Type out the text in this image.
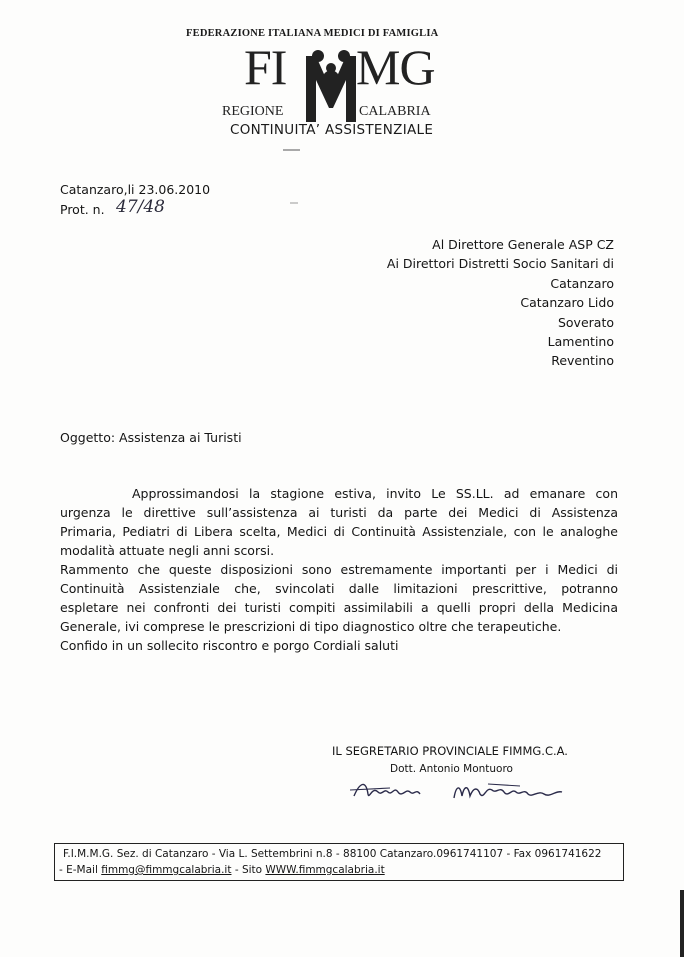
FEDERAZIONE ITALIANA MEDICI DI FAMIGLIA
FI MG
REGIONE	CALABRIA
CONTINUITA’ ASSISTENZIALE
Catanzaro,li 23.06.2010
Prot. n. 47/48
Al Direttore Generale ASP CZ
Ai Direttori Distretti Socio Sanitari di
Catanzaro
Catanzaro Lido
Soverato
Lamentino
Reventino
Oggetto: Assistenza ai Turisti
Approssimandosi la stagione estiva, invito Le SS.LL. ad emanare con
urgenza le direttive sull’assistenza ai turisti da parte dei Medici di Assistenza
Primaria, Pediatri di Libera scelta, Medici di Continuità Assistenziale, con le analoghe
modalità attuate negli anni scorsi.
Rammento che queste disposizioni sono estremamente importanti per i Medici di
Continuità Assistenziale che, svincolati dalle limitazioni prescrittive, potranno
espletare nei confronti dei turisti compiti assimilabili a quelli propri della Medicina
Generale, ivi comprese le prescrizioni di tipo diagnostico oltre che terapeutiche.
Confido in un sollecito riscontro e porgo Cordiali saluti
IL SEGRETARIO PROVINCIALE FIMMG.C.A.
Dott. Antonio Montuoro
F.I.M.M.G. Sez. di Catanzaro - Via L. Settembrini n.8 - 88100 Catanzaro.0961741107 - Fax 0961741622
- E-Mail fimmg@fimmgcalabria.it - Sito WWW.fimmgcalabria.it
